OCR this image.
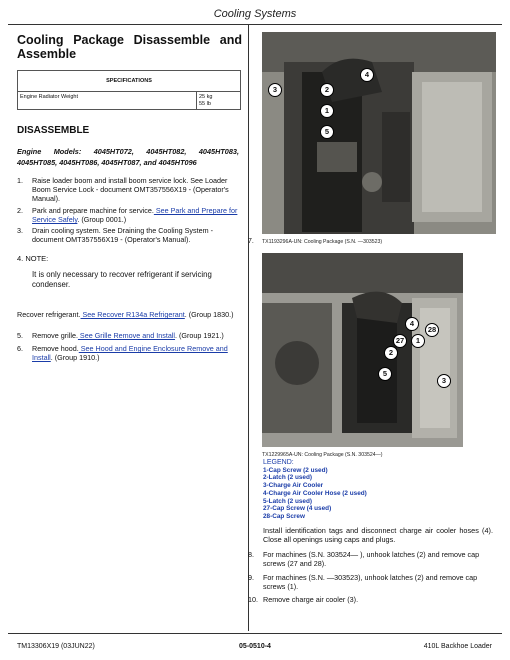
Cooling Systems
Cooling Package Disassemble and Assemble
SPECIFICATIONS
Engine Radiator Weight	25 kg
55 lb
DISASSEMBLE
Engine Models: 4045HT072, 4045HT082, 4045HT083, 4045HT085, 4045HT086, 4045HT087, and 4045HT096
1.	Raise loader boom and install boom service lock. See Loader Boom Service Lock - document OMT357556X19 - (Operator's Manual).
2.	Park and prepare machine for service. See Park and Prepare for Service Safely. (Group 0001.)
3.	Drain cooling system. See Draining the Cooling System - document OMT357556X19 - (Operator's Manual).
4. NOTE:
It is only necessary to recover refrigerant if servicing condenser.
Recover refrigerant. See Recover R134a Refrigerant. (Group 1830.)
5.	Remove grille. See Grille Remove and Install. (Group 1921.)
6.	Remove hood. See Hood and Engine Enclosure Remove and Install. (Group 1910.)
3	2
4
1
5
7. TX1193296A-UN: Cooling Package (S.N. —303523)
4
28
27	1
2
5
3
TX1229965A-UN: Cooling Package (S.N. 303524—)
LEGEND:
1-Cap Screw (2 used)
2-Latch (2 used)
3-Charge Air Cooler
4-Charge Air Cooler Hose (2 used)
5-Latch (2 used)
27-Cap Screw (4 used)
28-Cap Screw
Install identification tags and disconnect charge air cooler hoses (4). Close all openings using caps and plugs.
8.	For machines (S.N. 303524— ), unhook latches (2) and remove cap screws (27 and 28).
9.	For machines (S.N. —303523), unhook latches (2) and remove cap screws (1).
10. Remove charge air cooler (3).
TM13306X19 (03JUN22)	05-0510-4	410L Backhoe Loader
